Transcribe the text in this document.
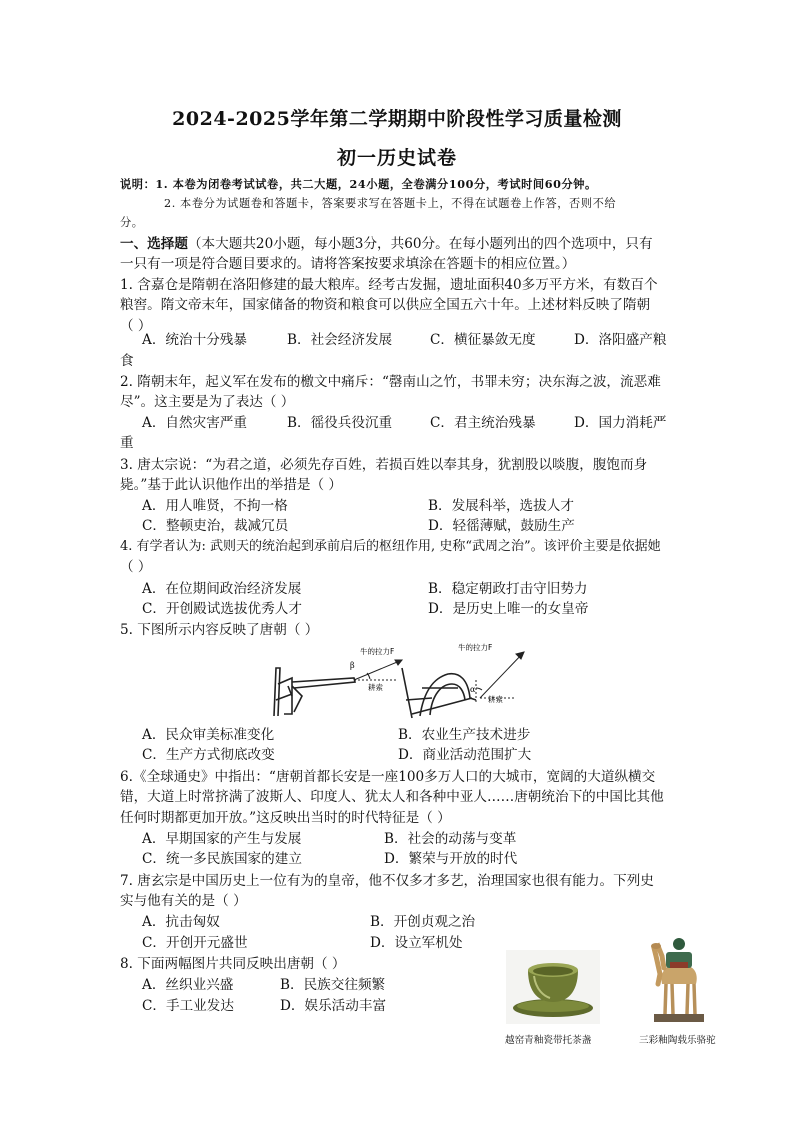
2024-2025学年第二学期期中阶段性学习质量检测
初一历史试卷
说明：1. 本卷为闭卷考试试卷，共二大题，24小题，全卷满分100分，考试时间60分钟。
2. 本卷分为试题卷和答题卡，答案要求写在答题卡上，不得在试题卷上作答，否则不给
分。
一、选择题（本大题共20小题，每小题3分，共60分。在每小题列出的四个选项中，只有
一只有一项是符合题目要求的。请将答案按要求填涂在答题卡的相应位置。）
1. 含嘉仓是隋朝在洛阳修建的最大粮库。经考古发掘，遗址面积40多万平方米，有数百个
粮窖。隋文帝末年，国家储备的物资和粮食可以供应全国五六十年。上述材料反映了隋朝
（ ）
A．统治十分残暴	B．社会经济发展	C．横征暴敛无度	D．洛阳盛产粮
食
2. 隋朝末年，起义军在发布的檄文中痛斥：“罄南山之竹，书罪未穷；决东海之波，流恶难
尽”。这主要是为了表达（ ）
A．自然灾害严重	B．徭役兵役沉重	C．君主统治残暴	D．国力消耗严
重
3. 唐太宗说：“为君之道，必须先存百姓，若损百姓以奉其身，犹割股以啖腹，腹饱而身
毙。”基于此认识他作出的举措是（ ）
A．用人唯贤，不拘一格	B．发展科举，选拔人才
C．整顿吏治，裁减冗员	D．轻徭薄赋，鼓励生产
4. 有学者认为: 武则天的统治起到承前启后的枢纽作用, 史称“武周之治”。该评价主要是依据她
（ ）
A．在位期间政治经济发展	B．稳定朝政打击守旧势力
C．开创殿试选拔优秀人才	D．是历史上唯一的女皇帝
5. 下图所示内容反映了唐朝（ ）
牛的拉力F
β
耕索
牛的拉力F
α
耕索
A．民众审美标准变化	B．农业生产技术进步
C．生产方式彻底改变	D．商业活动范围扩大
6.《全球通史》中指出：“唐朝首都长安是一座100多万人口的大城市，宽阔的大道纵横交
错，大道上时常挤满了波斯人、印度人、犹太人和各种中亚人……唐朝统治下的中国比其他
任何时期都更加开放。”这反映出当时的时代特征是（ ）
A．早期国家的产生与发展	B．社会的动荡与变革
C．统一多民族国家的建立	D．繁荣与开放的时代
7. 唐玄宗是中国历史上一位有为的皇帝，他不仅多才多艺，治理国家也很有能力。下列史
实与他有关的是（ ）
A．抗击匈奴	B．开创贞观之治
C．开创开元盛世	D．设立军机处
8. 下面两幅图片共同反映出唐朝（ ）
A．丝织业兴盛	B．民族交往频繁
C．手工业发达	D．娱乐活动丰富
越窑青釉瓷带托茶盏	三彩釉陶载乐骆驼
